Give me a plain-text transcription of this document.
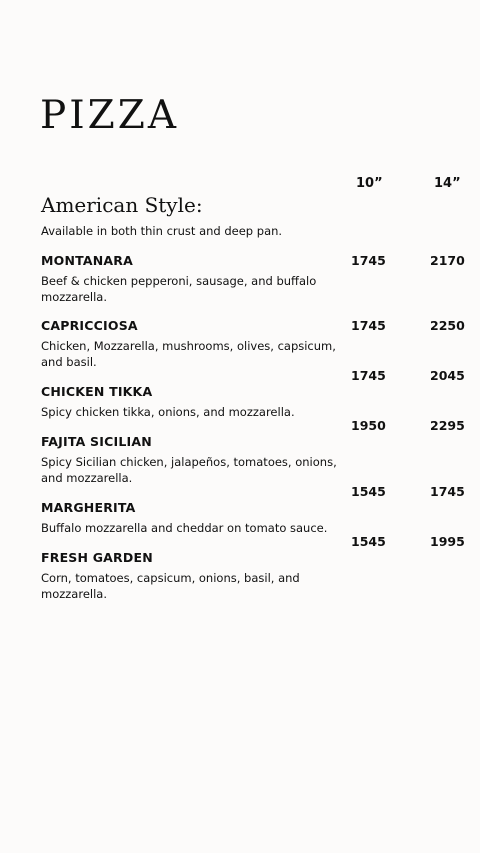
PIZZA
10”	14”
American Style:
Available in both thin crust and deep pan.
MONTANARA
Beef & chicken pepperoni, sausage, and buffalo mozzarella.
1745	2170
CAPRICCIOSA
Chicken, Mozzarella, mushrooms, olives, capsicum, and basil.
1745	2250
CHICKEN TIKKA
Spicy chicken tikka, onions, and mozzarella.
1745	2045
FAJITA SICILIAN
Spicy Sicilian chicken, jalapeños, tomatoes, onions, and mozzarella.
1950	2295
MARGHERITA
Buffalo mozzarella and cheddar on tomato sauce.
1545	1745
FRESH GARDEN
Corn, tomatoes, capsicum, onions, basil, and mozzarella.
1545	1995
